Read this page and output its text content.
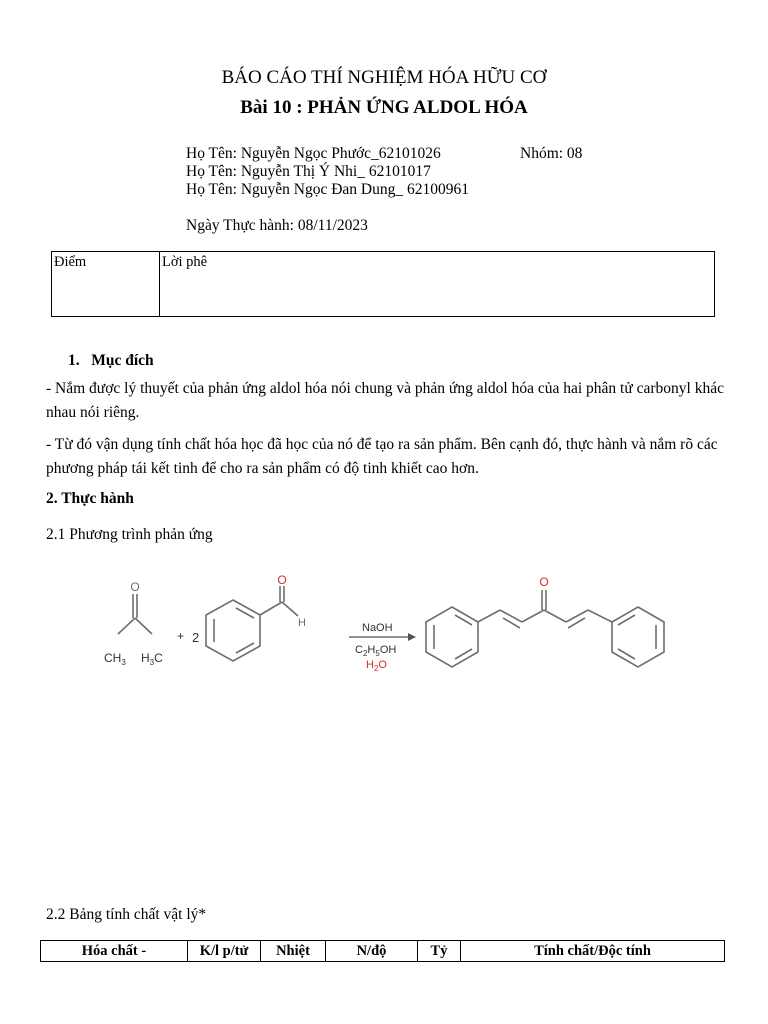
BÁO CÁO THÍ NGHIỆM HÓA HỮU CƠ
Bài 10 : PHẢN ỨNG ALDOL HÓA
Họ Tên: Nguyễn Ngọc Phước_62101026	Nhóm: 08
Họ Tên: Nguyễn Thị Ý Nhi_ 62101017
Họ Tên: Nguyễn Ngọc Đan Dung_ 62100961
Ngày Thực hành: 08/11/2023
Điểm	Lời phê
1. Mục đích
- Nắm được lý thuyết của phản ứng aldol hóa nói chung và phản ứng aldol hóa của hai phân tử carbonyl khác nhau nói riêng.
- Từ đó vận dụng tính chất hóa học đã học của nó để tạo ra sản phẩm. Bên cạnh đó, thực hành và nắm rõ các phương pháp tái kết tinh để cho ra sản phẩm có độ tinh khiết cao hơn.
2. Thực hành
2.1 Phương trình phản ứng
O
$CH_3$ $H_3C$
+ 2
O
H	NaOH
$C_2H_5OH$
$H_2O$
O
2.2 Bảng tính chất vật lý*
Hóa chất -	K/l p/tử	Nhiệt	N/độ	Tỷ	Tính chất/Độc tính
